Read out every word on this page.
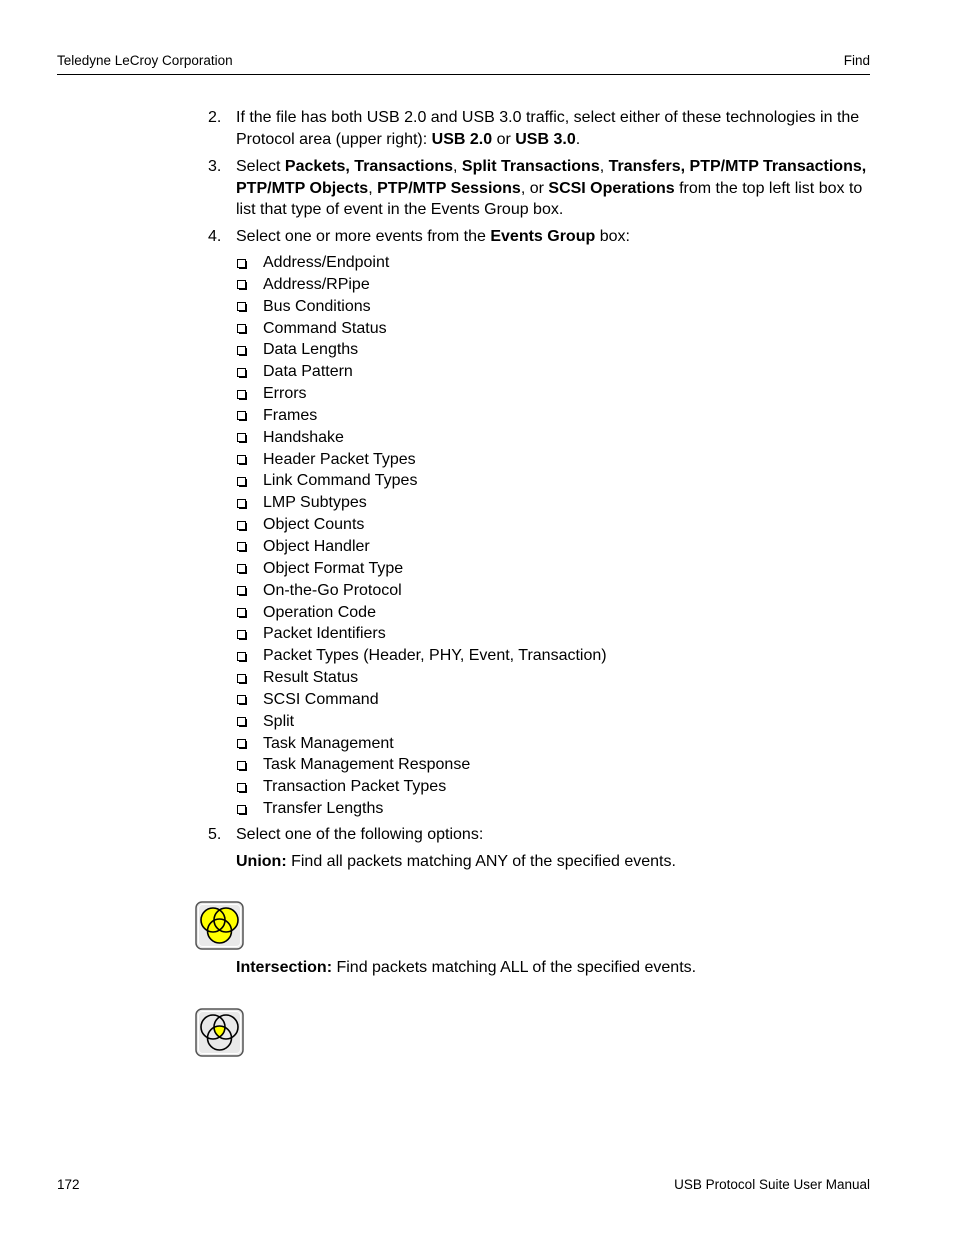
Teledyne LeCroy Corporation	Find
2. If the file has both USB 2.0 and USB 3.0 traffic, select either of these technologies in the Protocol area (upper right): USB 2.0 or USB 3.0.
3. Select Packets, Transactions, Split Transactions, Transfers, PTP/MTP Transactions, PTP/MTP Objects, PTP/MTP Sessions, or SCSI Operations from the top left list box to list that type of event in the Events Group box.
4. Select one or more events from the Events Group box:
Address/Endpoint
Address/RPipe
Bus Conditions
Command Status
Data Lengths
Data Pattern
Errors
Frames
Handshake
Header Packet Types
Link Command Types
LMP Subtypes
Object Counts
Object Handler
Object Format Type
On-the-Go Protocol
Operation Code
Packet Identifiers
Packet Types (Header, PHY, Event, Transaction)
Result Status
SCSI Command
Split
Task Management
Task Management Response
Transaction Packet Types
Transfer Lengths
5. Select one of the following options:
Union: Find all packets matching ANY of the specified events.
Intersection: Find packets matching ALL of the specified events.
172	USB Protocol Suite User Manual
